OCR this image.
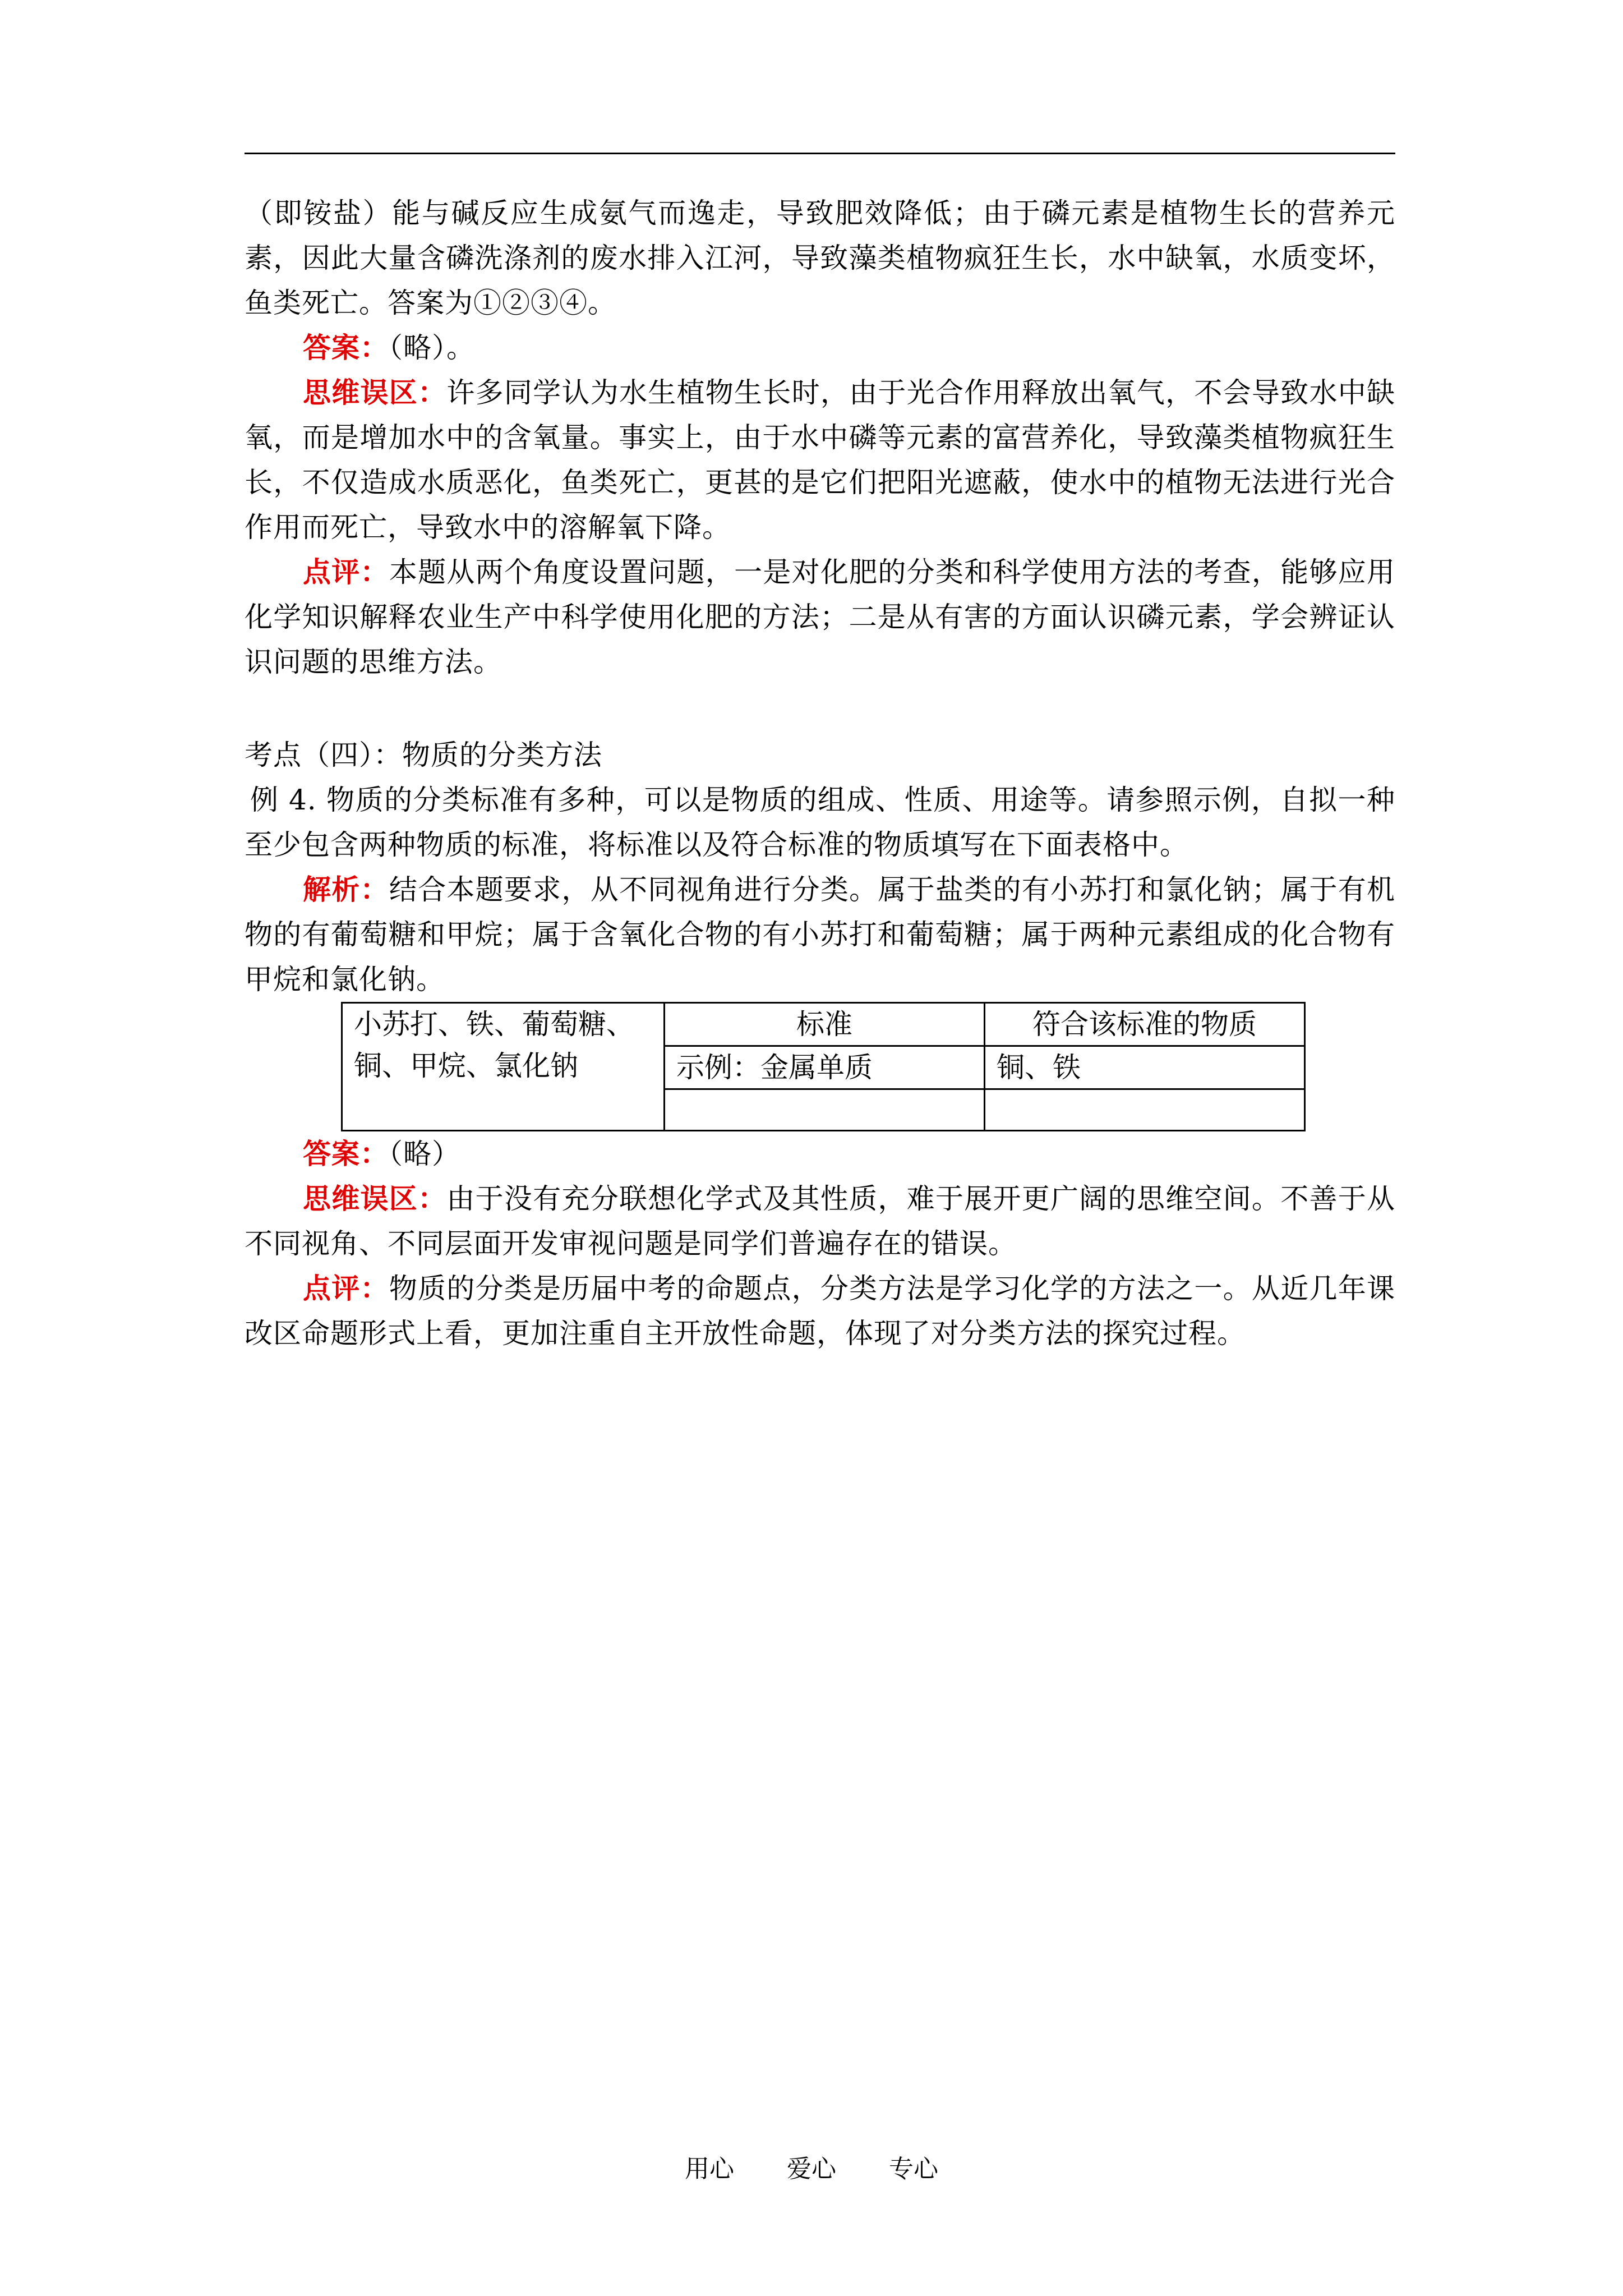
（即铵盐）能与碱反应生成氨气而逸走，导致肥效降低；由于磷元素是植物生长的营养元素，因此大量含磷洗涤剂的废水排入江河，导致藻类植物疯狂生长，水中缺氧，水质变坏，鱼类死亡。答案为①②③④。

答案：（略）。

思维误区：许多同学认为水生植物生长时，由于光合作用释放出氧气，不会导致水中缺氧，而是增加水中的含氧量。事实上，由于水中磷等元素的富营养化，导致藻类植物疯狂生长，不仅造成水质恶化，鱼类死亡，更甚的是它们把阳光遮蔽，使水中的植物无法进行光合作用而死亡，导致水中的溶解氧下降。

点评：本题从两个角度设置问题，一是对化肥的分类和科学使用方法的考查，能够应用化学知识解释农业生产中科学使用化肥的方法；二是从有害的方面认识磷元素，学会辨证认识问题的思维方法。

考点（四）：物质的分类方法

例 4. 物质的分类标准有多种，可以是物质的组成、性质、用途等。请参照示例，自拟一种至少包含两种物质的标准，将标准以及符合标准的物质填写在下面表格中。

解析：结合本题要求，从不同视角进行分类。属于盐类的有小苏打和氯化钠；属于有机物的有葡萄糖和甲烷；属于含氧化合物的有小苏打和葡萄糖；属于两种元素组成的化合物有甲烷和氯化钠。

小苏打、铁、葡萄糖、铜、甲烷、氯化钠	标准	符合该标准的物质
	示例：金属单质	铜、铁

答案：（略）

思维误区：由于没有充分联想化学式及其性质，难于展开更广阔的思维空间。不善于从不同视角、不同层面开发审视问题是同学们普遍存在的错误。

点评：物质的分类是历届中考的命题点，分类方法是学习化学的方法之一。从近几年课改区命题形式上看，更加注重自主开放性命题，体现了对分类方法的探究过程。

用心 爱心 专心
